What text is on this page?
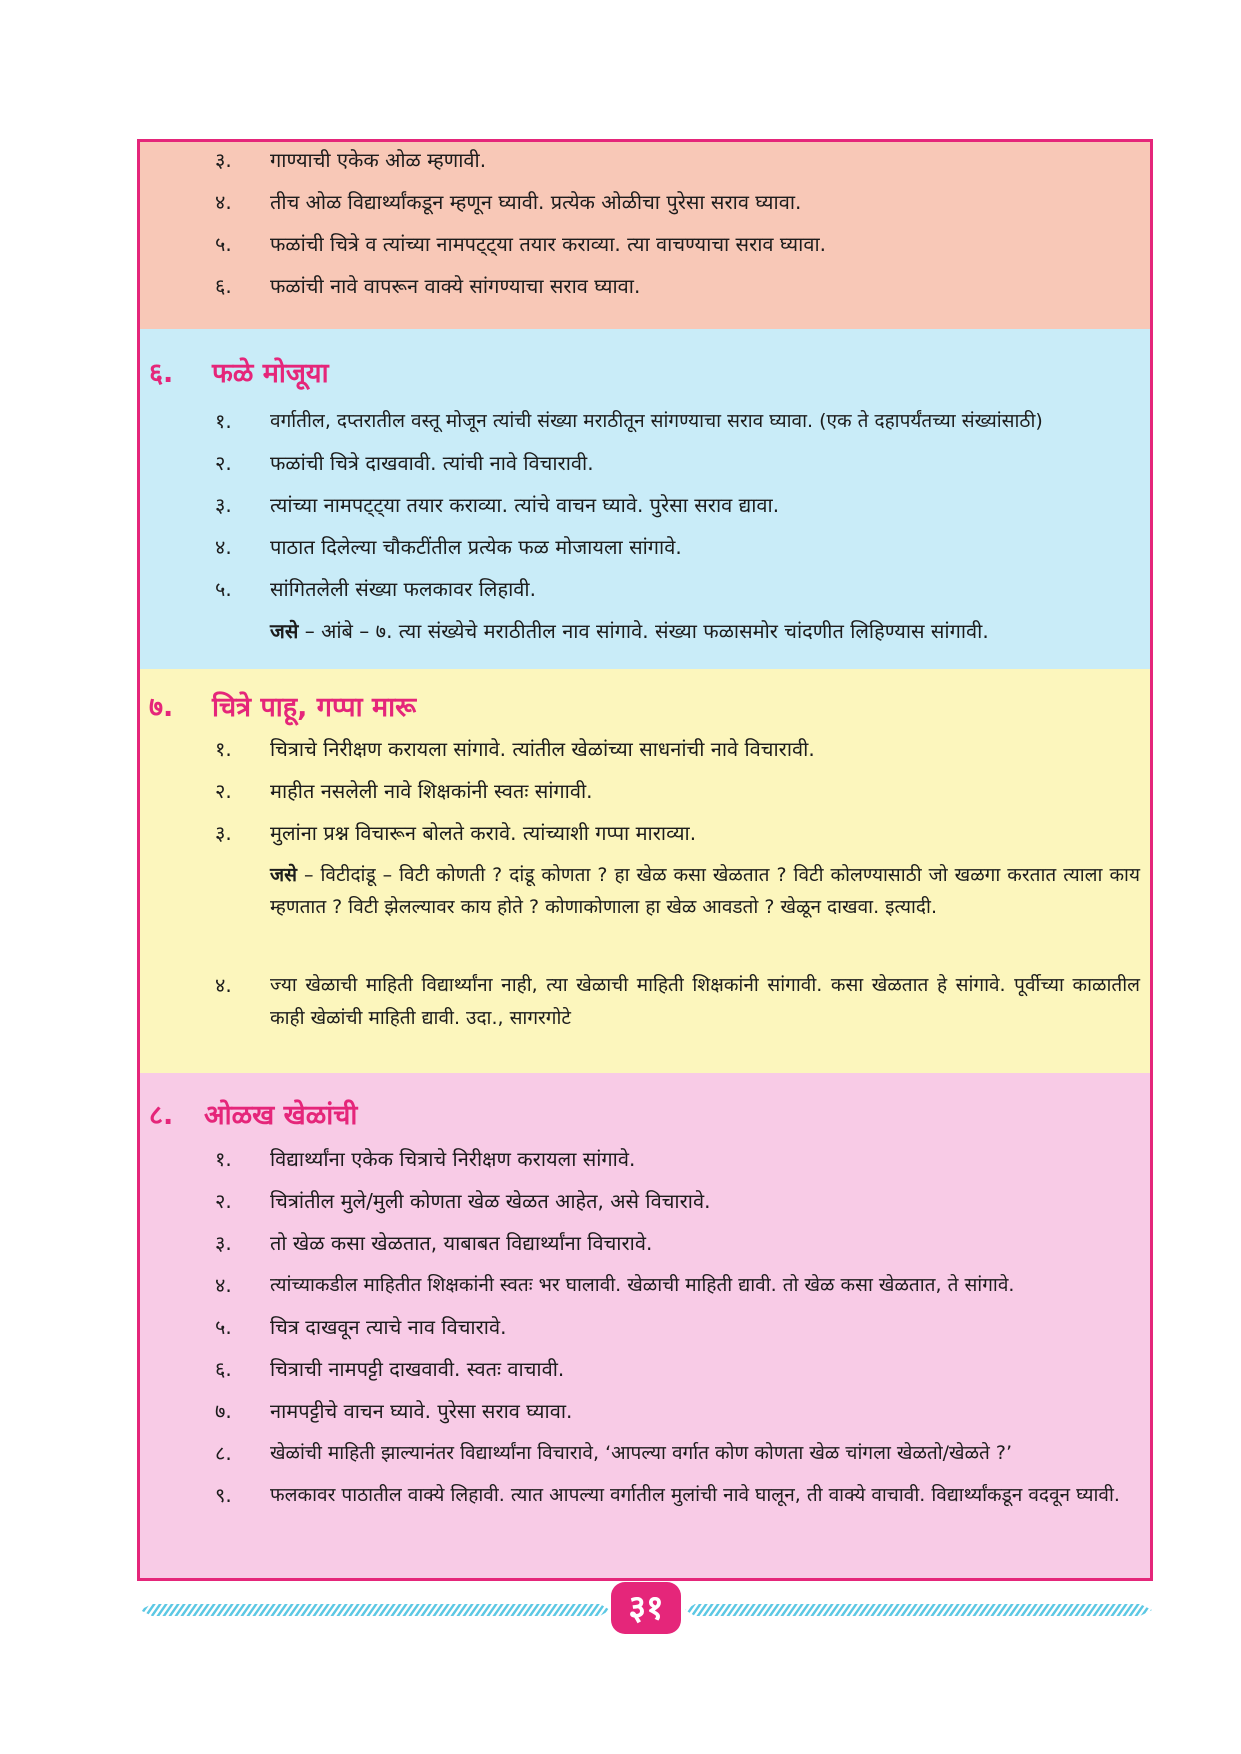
३. गाण्याची एकेक ओळ म्हणावी.
४. तीच ओळ विद्यार्थ्यांकडून म्हणून घ्यावी. प्रत्येक ओळीचा पुरेसा सराव घ्यावा.
५. फळांची चित्रे व त्यांच्या नामपट्ट्या तयार कराव्या. त्या वाचण्याचा सराव घ्यावा.
६. फळांची नावे वापरून वाक्ये सांगण्याचा सराव घ्यावा.
६. फळे मोजूया
१. वर्गातील, दप्तरातील वस्तू मोजून त्यांची संख्या मराठीतून सांगण्याचा सराव घ्यावा. (एक ते दहापर्यंतच्या संख्यांसाठी)
२. फळांची चित्रे दाखवावी. त्यांची नावे विचारावी.
३. त्यांच्या नामपट्ट्या तयार कराव्या. त्यांचे वाचन घ्यावे. पुरेसा सराव द्यावा.
४. पाठात दिलेल्या चौकटींतील प्रत्येक फळ मोजायला सांगावे.
५. सांगितलेली संख्या फलकावर लिहावी.
जसे – आंबे – ७. त्या संख्येचे मराठीतील नाव सांगावे. संख्या फळासमोर चांदणीत लिहिण्यास सांगावी.
७. चित्रे पाहू, गप्पा मारू
१. चित्राचे निरीक्षण करायला सांगावे. त्यांतील खेळांच्या साधनांची नावे विचारावी.
२. माहीत नसलेली नावे शिक्षकांनी स्वतः सांगावी.
३. मुलांना प्रश्न विचारून बोलते करावे. त्यांच्याशी गप्पा माराव्या.
जसे – विटीदांडू – विटी कोणती ? दांडू कोणता ? हा खेळ कसा खेळतात ? विटी कोलण्यासाठी जो खळगा करतात त्याला काय म्हणतात ? विटी झेलल्यावर काय होते ? कोणाकोणाला हा खेळ आवडतो ? खेळून दाखवा. इत्यादी.
४. ज्या खेळाची माहिती विद्यार्थ्यांना नाही, त्या खेळाची माहिती शिक्षकांनी सांगावी. कसा खेळतात हे सांगावे. पूर्वीच्या काळातील काही खेळांची माहिती द्यावी. उदा., सागरगोटे
८. ओळख खेळांची
१. विद्यार्थ्यांना एकेक चित्राचे निरीक्षण करायला सांगावे.
२. चित्रांतील मुले/मुली कोणता खेळ खेळत आहेत, असे विचारावे.
३. तो खेळ कसा खेळतात, याबाबत विद्यार्थ्यांना विचारावे.
४. त्यांच्याकडील माहितीत शिक्षकांनी स्वतः भर घालावी. खेळाची माहिती द्यावी. तो खेळ कसा खेळतात, ते सांगावे.
५. चित्र दाखवून त्याचे नाव विचारावे.
६. चित्राची नामपट्टी दाखवावी. स्वतः वाचावी.
७. नामपट्टीचे वाचन घ्यावे. पुरेसा सराव घ्यावा.
८. खेळांची माहिती झाल्यानंतर विद्यार्थ्यांना विचारावे, ‘आपल्या वर्गात कोण कोणता खेळ चांगला खेळतो/खेळते ?’
९. फलकावर पाठातील वाक्ये लिहावी. त्यात आपल्या वर्गातील मुलांची नावे घालून, ती वाक्ये वाचावी. विद्यार्थ्यांकडून वदवून घ्यावी.
३१
